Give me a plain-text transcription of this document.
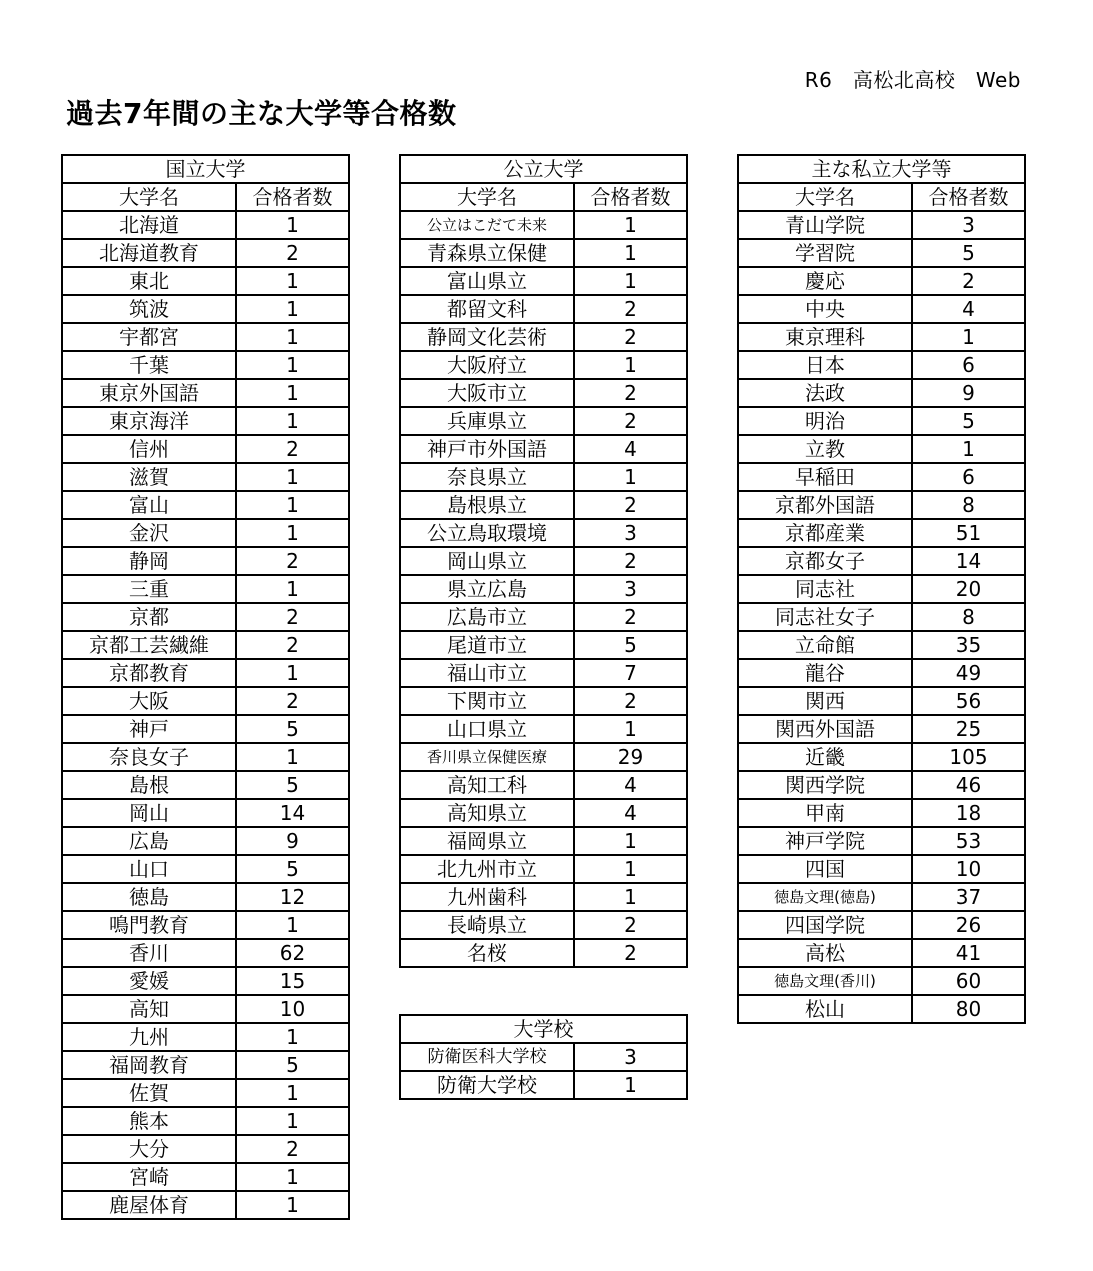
R6　高松北高校　Web
過去7年間の主な大学等合格数
国立大学	
大学名	合格者数
北海道	1
北海道教育	2
東北	1
筑波	1
宇都宮	1
千葉	1
東京外国語	1
東京海洋	1
信州	2
滋賀	1
富山	1
金沢	1
静岡	2
三重	1
京都	2
京都工芸繊維	2
京都教育	1
大阪	2
神戸	5
奈良女子	1
島根	5
岡山	14
広島	9
山口	5
徳島	12
鳴門教育	1
香川	62
愛媛	15
高知	10
九州	1
福岡教育	5
佐賀	1
熊本	1
大分	2
宮崎	1
鹿屋体育	1
公立大学	
大学名	合格者数
公立はこだて未来	1
青森県立保健	1
富山県立	1
都留文科	2
静岡文化芸術	2
大阪府立	1
大阪市立	2
兵庫県立	2
神戸市外国語	4
奈良県立	1
島根県立	2
公立鳥取環境	3
岡山県立	2
県立広島	3
広島市立	2
尾道市立	5
福山市立	7
下関市立	2
山口県立	1
香川県立保健医療	29
高知工科	4
高知県立	4
福岡県立	1
北九州市立	1
九州歯科	1
長崎県立	2
名桜	2
大学校	
防衛医科大学校	3
防衛大学校	1
主な私立大学等	
大学名	合格者数
青山学院	3
学習院	5
慶応	2
中央	4
東京理科	1
日本	6
法政	9
明治	5
立教	1
早稲田	6
京都外国語	8
京都産業	51
京都女子	14
同志社	20
同志社女子	8
立命館	35
龍谷	49
関西	56
関西外国語	25
近畿	105
関西学院	46
甲南	18
神戸学院	53
四国	10
徳島文理(徳島)	37
四国学院	26
高松	41
徳島文理(香川)	60
松山	80
